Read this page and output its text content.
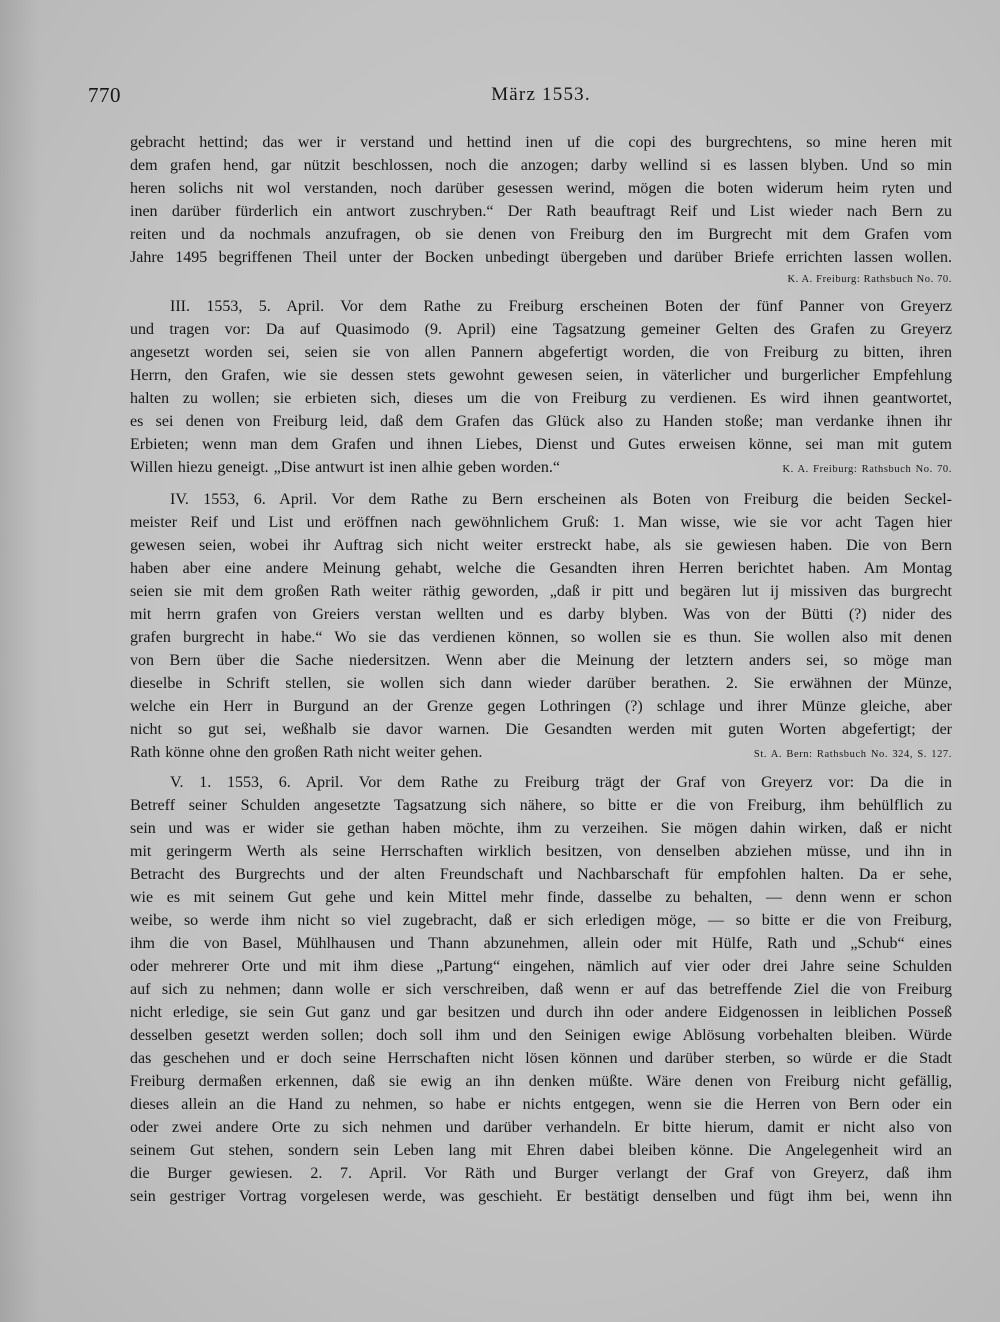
770	März 1553.
gebracht hettind; das wer ir verstand und hettind inen uf die copi des burgrechtens, so mine heren mit
dem grafen hend, gar nützit beschlossen, noch die anzogen; darby wellind si es lassen blyben. Und so min
heren solichs nit wol verstanden, noch darüber gesessen werind, mögen die boten widerum heim ryten und
inen darüber fürderlich ein antwort zuschryben.“ Der Rath beauftragt Reif und List wieder nach Bern zu
reiten und da nochmals anzufragen, ob sie denen von Freiburg den im Burgrecht mit dem Grafen vom
Jahre 1495 begriffenen Theil unter der Bocken unbedingt übergeben und darüber Briefe errichten lassen wollen.
K. A. Freiburg: Rathsbuch No. 70.
III. 1553, 5. April. Vor dem Rathe zu Freiburg erscheinen Boten der fünf Panner von Greyerz
und tragen vor: Da auf Quasimodo (9. April) eine Tagsatzung gemeiner Gelten des Grafen zu Greyerz
angesetzt worden sei, seien sie von allen Pannern abgefertigt worden, die von Freiburg zu bitten, ihren
Herrn, den Grafen, wie sie dessen stets gewohnt gewesen seien, in väterlicher und burgerlicher Empfehlung
halten zu wollen; sie erbieten sich, dieses um die von Freiburg zu verdienen. Es wird ihnen geantwortet,
es sei denen von Freiburg leid, daß dem Grafen das Glück also zu Handen stoße; man verdanke ihnen ihr
Erbieten; wenn man dem Grafen und ihnen Liebes, Dienst und Gutes erweisen könne, sei man mit gutem
Willen hiezu geneigt. „Dise antwurt ist inen alhie geben worden.“	K. A. Freiburg: Rathsbuch No. 70.
IV. 1553, 6. April. Vor dem Rathe zu Bern erscheinen als Boten von Freiburg die beiden Seckel-
meister Reif und List und eröffnen nach gewöhnlichem Gruß: 1. Man wisse, wie sie vor acht Tagen hier
gewesen seien, wobei ihr Auftrag sich nicht weiter erstreckt habe, als sie gewiesen haben. Die von Bern
haben aber eine andere Meinung gehabt, welche die Gesandten ihren Herren berichtet haben. Am Montag
seien sie mit dem großen Rath weiter räthig geworden, „daß ir pitt und begären lut ij missiven das burgrecht
mit herrn grafen von Greiers verstan wellten und es darby blyben. Was von der Bütti (?) nider des
grafen burgrecht in habe.“ Wo sie das verdienen können, so wollen sie es thun. Sie wollen also mit denen
von Bern über die Sache niedersitzen. Wenn aber die Meinung der letztern anders sei, so möge man
dieselbe in Schrift stellen, sie wollen sich dann wieder darüber berathen. 2. Sie erwähnen der Münze,
welche ein Herr in Burgund an der Grenze gegen Lothringen (?) schlage und ihrer Münze gleiche, aber
nicht so gut sei, weßhalb sie davor warnen. Die Gesandten werden mit guten Worten abgefertigt; der
Rath könne ohne den großen Rath nicht weiter gehen.	St. A. Bern: Rathsbuch No. 324, S. 127.
V. 1. 1553, 6. April. Vor dem Rathe zu Freiburg trägt der Graf von Greyerz vor: Da die in
Betreff seiner Schulden angesetzte Tagsatzung sich nähere, so bitte er die von Freiburg, ihm behülflich zu
sein und was er wider sie gethan haben möchte, ihm zu verzeihen. Sie mögen dahin wirken, daß er nicht
mit geringerm Werth als seine Herrschaften wirklich besitzen, von denselben abziehen müsse, und ihn in
Betracht des Burgrechts und der alten Freundschaft und Nachbarschaft für empfohlen halten. Da er sehe,
wie es mit seinem Gut gehe und kein Mittel mehr finde, dasselbe zu behalten, — denn wenn er schon
weibe, so werde ihm nicht so viel zugebracht, daß er sich erledigen möge, — so bitte er die von Freiburg,
ihm die von Basel, Mühlhausen und Thann abzunehmen, allein oder mit Hülfe, Rath und „Schub“ eines
oder mehrerer Orte und mit ihm diese „Partung“ eingehen, nämlich auf vier oder drei Jahre seine Schulden
auf sich zu nehmen; dann wolle er sich verschreiben, daß wenn er auf das betreffende Ziel die von Freiburg
nicht erledige, sie sein Gut ganz und gar besitzen und durch ihn oder andere Eidgenossen in leiblichen Posseß
desselben gesetzt werden sollen; doch soll ihm und den Seinigen ewige Ablösung vorbehalten bleiben. Würde
das geschehen und er doch seine Herrschaften nicht lösen können und darüber sterben, so würde er die Stadt
Freiburg dermaßen erkennen, daß sie ewig an ihn denken müßte. Wäre denen von Freiburg nicht gefällig,
dieses allein an die Hand zu nehmen, so habe er nichts entgegen, wenn sie die Herren von Bern oder ein
oder zwei andere Orte zu sich nehmen und darüber verhandeln. Er bitte hierum, damit er nicht also von
seinem Gut stehen, sondern sein Leben lang mit Ehren dabei bleiben könne. Die Angelegenheit wird an
die Burger gewiesen. 2. 7. April. Vor Räth und Burger verlangt der Graf von Greyerz, daß ihm
sein gestriger Vortrag vorgelesen werde, was geschieht. Er bestätigt denselben und fügt ihm bei, wenn ihn
